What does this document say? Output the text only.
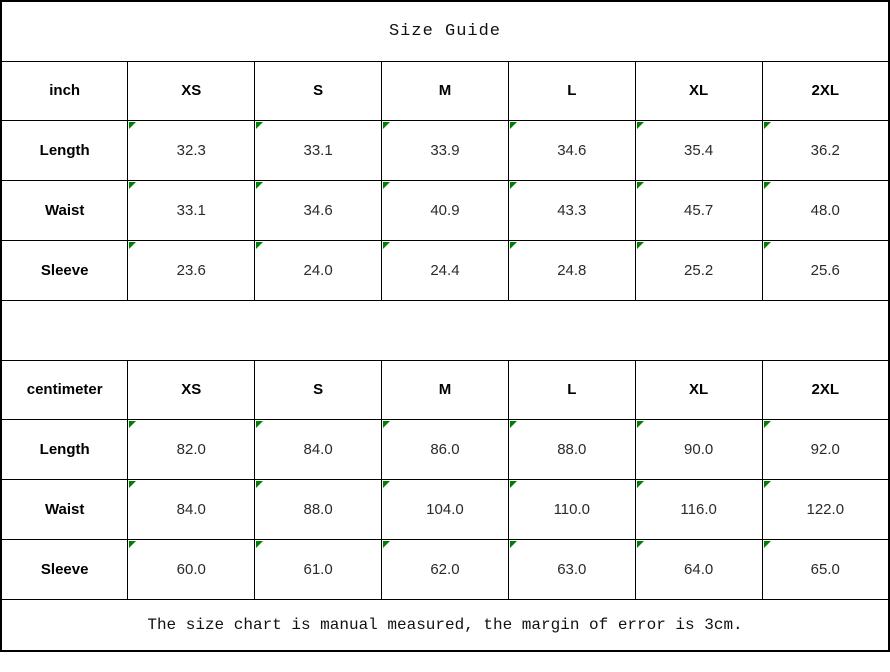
Size Guide						
inch	XS	S	M	L	XL	2XL
Length	32.3	33.1	33.9	34.6	35.4	36.2
Waist	33.1	34.6	40.9	43.3	45.7	48.0
Sleeve	23.6	24.0	24.4	24.8	25.2	25.6

centimeter	XS	S	M	L	XL	2XL
Length	82.0	84.0	86.0	88.0	90.0	92.0
Waist	84.0	88.0	104.0	110.0	116.0	122.0
Sleeve	60.0	61.0	62.0	63.0	64.0	65.0
The size chart is manual measured, the margin of error is 3cm.						
